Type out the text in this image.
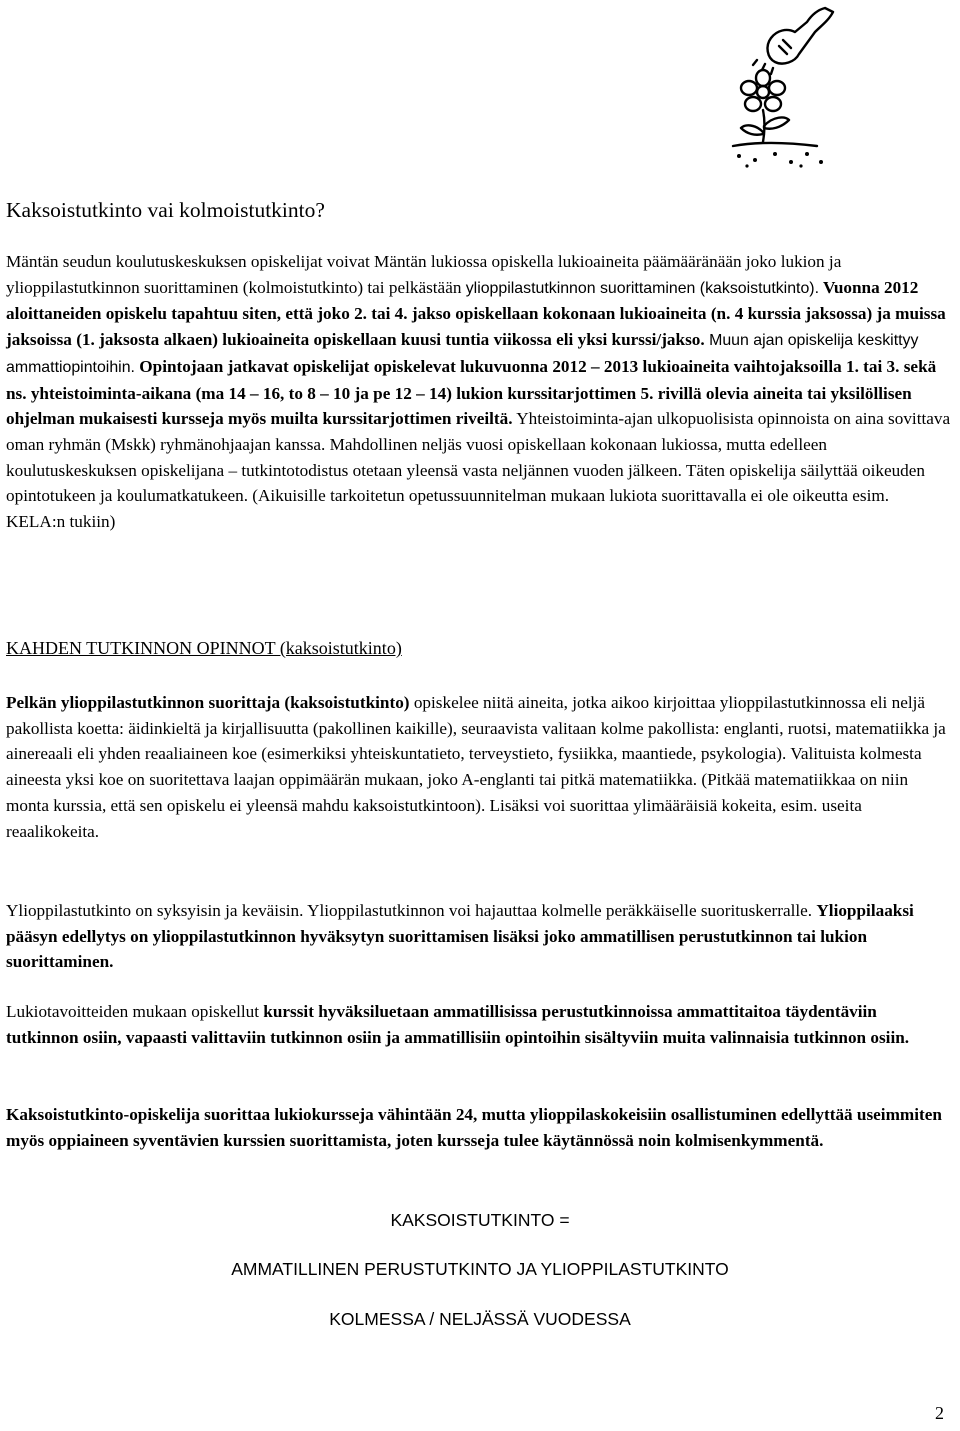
Kaksoistutkinto vai kolmoistutkinto?
Mäntän seudun koulutuskeskuksen opiskelijat voivat Mäntän lukiossa opiskella lukioaineita päämääränään joko lukion ja ylioppilastutkinnon suorittaminen (kolmoistutkinto) tai pelkästään ylioppilastutkinnon suorittaminen (kaksoistutkinto). Vuonna 2012 aloittaneiden opiskelu tapahtuu siten, että joko 2. tai 4. jakso opiskellaan kokonaan lukioaineita (n. 4 kurssia jaksossa) ja muissa jaksoissa (1. jaksosta alkaen) lukioaineita opiskellaan kuusi tuntia viikossa eli yksi kurssi/jakso. Muun ajan opiskelija keskittyy ammattiopintoihin. Opintojaan jatkavat opiskelijat opiskelevat lukuvuonna 2012 – 2013 lukioaineita vaihtojaksoilla 1. tai 3. sekä ns. yhteistoiminta-aikana (ma 14 – 16, to 8 – 10 ja pe 12 – 14) lukion kurssitarjottimen 5. rivillä olevia aineita tai yksilöllisen ohjelman mukaisesti kursseja myös muilta kurssitarjottimen riveiltä. Yhteistoiminta-ajan ulkopuolisista opinnoista on aina sovittava oman ryhmän (Mskk) ryhmänohjaajan kanssa. Mahdollinen neljäs vuosi opiskellaan kokonaan lukiossa, mutta edelleen koulutuskeskuksen opiskelijana – tutkintotodistus otetaan yleensä vasta neljännen vuoden jälkeen. Täten opiskelija säilyttää oikeuden opintotukeen ja koulumatkatukeen. (Aikuisille tarkoitetun opetussuunnitelman mukaan lukiota suorittavalla ei ole oikeutta esim. KELA:n tukiin)
KAHDEN TUTKINNON OPINNOT (kaksoistutkinto)
Pelkän ylioppilastutkinnon suorittaja (kaksoistutkinto) opiskelee niitä aineita, jotka aikoo kirjoittaa ylioppilastutkinnossa eli neljä pakollista koetta: äidinkieltä ja kirjallisuutta (pakollinen kaikille), seuraavista valitaan kolme pakollista: englanti, ruotsi, matematiikka ja ainereaali eli yhden reaaliaineen koe (esimerkiksi yhteiskuntatieto, terveystieto, fysiikka, maantiede, psykologia). Valituista kolmesta aineesta yksi koe on suoritettava laajan oppimäärän mukaan, joko A-englanti tai pitkä matematiikka. (Pitkää matematiikkaa on niin monta kurssia, että sen opiskelu ei yleensä mahdu kaksoistutkintoon). Lisäksi voi suorittaa ylimääräisiä kokeita, esim. useita reaalikokeita.
Ylioppilastutkinto on syksyisin ja keväisin. Ylioppilastutkinnon voi hajauttaa kolmelle peräkkäiselle suorituskerralle. Ylioppilaaksi pääsyn edellytys on ylioppilastutkinnon hyväksytyn suorittamisen lisäksi joko ammatillisen perustutkinnon tai lukion suorittaminen.
Lukiotavoitteiden mukaan opiskellut kurssit hyväksiluetaan ammatillisissa perustutkinnoissa ammattitaitoa täydentäviin tutkinnon osiin, vapaasti valittaviin tutkinnon osiin ja ammatillisiin opintoihin sisältyviin muita valinnaisia tutkinnon osiin.
Kaksoistutkinto-opiskelija suorittaa lukiokursseja vähintään 24, mutta ylioppilaskokeisiin osallistuminen edellyttää useimmiten myös oppiaineen syventävien kurssien suorittamista, joten kursseja tulee käytännössä noin kolmisenkymmentä.
KAKSOISTUTKINTO =
AMMATILLINEN PERUSTUTKINTO JA YLIOPPILASTUTKINTO
KOLMESSA / NELJÄSSÄ VUODESSA
2
